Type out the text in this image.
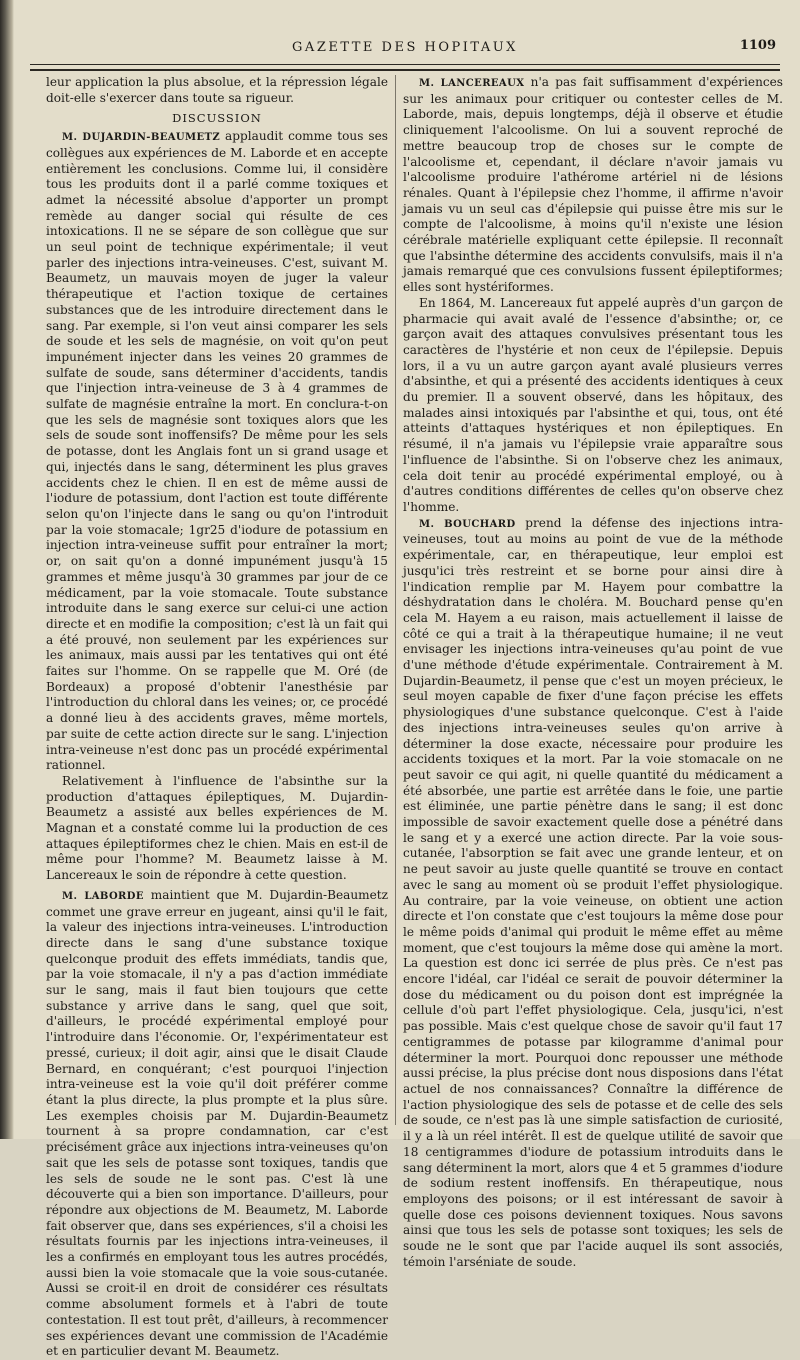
GAZETTE DES HOPITAUX	1109

leur application la plus absolue, et la répression légale doit-elle s'exercer dans toute sa rigueur.

DISCUSSION

M. DUJARDIN-BEAUMETZ applaudit comme tous ses collègues aux expériences de M. Laborde et en accepte entièrement les conclusions. Comme lui, il considère tous les produits dont il a parlé comme toxiques et admet la nécessité absolue d'apporter un prompt remède au danger social qui résulte de ces intoxications. Il ne se sépare de son collègue que sur un seul point de technique expérimentale; il veut parler des injections intra-veineuses. C'est, suivant M. Beaumetz, un mauvais moyen de juger la valeur thérapeutique et l'action toxique de certaines substances que de les introduire directement dans le sang. Par exemple, si l'on veut ainsi comparer les sels de soude et les sels de magnésie, on voit qu'on peut impunément injecter dans les veines 20 grammes de sulfate de soude, sans déterminer d'accidents, tandis que l'injection intra-veineuse de 3 à 4 grammes de sulfate de magnésie entraîne la mort. En conclura-t-on que les sels de magnésie sont toxiques alors que les sels de soude sont inoffensifs? De même pour les sels de potasse, dont les Anglais font un si grand usage et qui, injectés dans le sang, déterminent les plus graves accidents chez le chien. Il en est de même aussi de l'iodure de potassium, dont l'action est toute différente selon qu'on l'injecte dans le sang ou qu'on l'introduit par la voie stomacale; 1gr25 d'iodure de potassium en injection intra-veineuse suffit pour entraîner la mort; or, on sait qu'on a donné impunément jusqu'à 15 grammes et même jusqu'à 30 grammes par jour de ce médicament, par la voie stomacale. Toute substance introduite dans le sang exerce sur celui-ci une action directe et en modifie la composition; c'est là un fait qui a été prouvé, non seulement par les expériences sur les animaux, mais aussi par les tentatives qui ont été faites sur l'homme. On se rappelle que M. Oré (de Bordeaux) a proposé d'obtenir l'anesthésie par l'introduction du chloral dans les veines; or, ce procédé a donné lieu à des accidents graves, même mortels, par suite de cette action directe sur le sang. L'injection intra-veineuse n'est donc pas un procédé expérimental rationnel.

Relativement à l'influence de l'absinthe sur la production d'attaques épileptiques, M. Dujardin-Beaumetz a assisté aux belles expériences de M. Magnan et a constaté comme lui la production de ces attaques épileptiformes chez le chien. Mais en est-il de même pour l'homme? M. Beaumetz laisse à M. Lancereaux le soin de répondre à cette question.

M. LABORDE maintient que M. Dujardin-Beaumetz commet une grave erreur en jugeant, ainsi qu'il le fait, la valeur des injections intra-veineuses. L'introduction directe dans le sang d'une substance toxique quelconque produit des effets immédiats, tandis que, par la voie stomacale, il n'y a pas d'action immédiate sur le sang, mais il faut bien toujours que cette substance y arrive dans le sang, quel que soit, d'ailleurs, le procédé expérimental employé pour l'introduire dans l'économie. Or, l'expérimentateur est pressé, curieux; il doit agir, ainsi que le disait Claude Bernard, en conquérant; c'est pourquoi l'injection intra-veineuse est la voie qu'il doit préférer comme étant la plus directe, la plus prompte et la plus sûre. Les exemples choisis par M. Dujardin-Beaumetz tournent à sa propre condamnation, car c'est précisément grâce aux injections intra-veineuses qu'on sait que les sels de potasse sont toxiques, tandis que les sels de soude ne le sont pas. C'est là une découverte qui a bien son importance. D'ailleurs, pour répondre aux objections de M. Beaumetz, M. Laborde fait observer que, dans ses expériences, s'il a choisi les résultats fournis par les injections intra-veineuses, il les a confirmés en employant tous les autres procédés, aussi bien la voie stomacale que la voie sous-cutanée. Aussi se croit-il en droit de considérer ces résultats comme absolument formels et à l'abri de toute contestation. Il est tout prêt, d'ailleurs, à recommencer ses expériences devant une commission de l'Académie et en particulier devant M. Beaumetz.

M. LANCEREAUX n'a pas fait suffisamment d'expériences sur les animaux pour critiquer ou contester celles de M. Laborde, mais, depuis longtemps, déjà il observe et étudie cliniquement l'alcoolisme. On lui a souvent reproché de mettre beaucoup trop de choses sur le compte de l'alcoolisme et, cependant, il déclare n'avoir jamais vu l'alcoolisme produire l'athérome artériel ni de lésions rénales. Quant à l'épilepsie chez l'homme, il affirme n'avoir jamais vu un seul cas d'épilepsie qui puisse être mis sur le compte de l'alcoolisme, à moins qu'il n'existe une lésion cérébrale matérielle expliquant cette épilepsie. Il reconnaît que l'absinthe détermine des accidents convulsifs, mais il n'a jamais remarqué que ces convulsions fussent épileptiformes; elles sont hystériformes.

En 1864, M. Lancereaux fut appelé auprès d'un garçon de pharmacie qui avait avalé de l'essence d'absinthe; or, ce garçon avait des attaques convulsives présentant tous les caractères de l'hystérie et non ceux de l'épilepsie. Depuis lors, il a vu un autre garçon ayant avalé plusieurs verres d'absinthe, et qui a présenté des accidents identiques à ceux du premier. Il a souvent observé, dans les hôpitaux, des malades ainsi intoxiqués par l'absinthe et qui, tous, ont été atteints d'attaques hystériques et non épileptiques. En résumé, il n'a jamais vu l'épilepsie vraie apparaître sous l'influence de l'absinthe. Si on l'observe chez les animaux, cela doit tenir au procédé expérimental employé, ou à d'autres conditions différentes de celles qu'on observe chez l'homme.

M. BOUCHARD prend la défense des injections intra-veineuses, tout au moins au point de vue de la méthode expérimentale, car, en thérapeutique, leur emploi est jusqu'ici très restreint et se borne pour ainsi dire à l'indication remplie par M. Hayem pour combattre la déshydratation dans le choléra. M. Bouchard pense qu'en cela M. Hayem a eu raison, mais actuellement il laisse de côté ce qui a trait à la thérapeutique humaine; il ne veut envisager les injections intra-veineuses qu'au point de vue d'une méthode d'étude expérimentale. Contrairement à M. Dujardin-Beaumetz, il pense que c'est un moyen précieux, le seul moyen capable de fixer d'une façon précise les effets physiologiques d'une substance quelconque. C'est à l'aide des injections intra-veineuses seules qu'on arrive à déterminer la dose exacte, nécessaire pour produire les accidents toxiques et la mort. Par la voie stomacale on ne peut savoir ce qui agit, ni quelle quantité du médicament a été absorbée, une partie est arrêtée dans le foie, une partie est éliminée, une partie pénètre dans le sang; il est donc impossible de savoir exactement quelle dose a pénétré dans le sang et y a exercé une action directe. Par la voie sous-cutanée, l'absorption se fait avec une grande lenteur, et on ne peut savoir au juste quelle quantité se trouve en contact avec le sang au moment où se produit l'effet physiologique. Au contraire, par la voie veineuse, on obtient une action directe et l'on constate que c'est toujours la même dose pour le même poids d'animal qui produit le même effet au même moment, que c'est toujours la même dose qui amène la mort. La question est donc ici serrée de plus près. Ce n'est pas encore l'idéal, car l'idéal ce serait de pouvoir déterminer la dose du médicament ou du poison dont est imprégnée la cellule d'où part l'effet physiologique. Cela, jusqu'ici, n'est pas possible. Mais c'est quelque chose de savoir qu'il faut 17 centigrammes de potasse par kilogramme d'animal pour déterminer la mort. Pourquoi donc repousser une méthode aussi précise, la plus précise dont nous disposions dans l'état actuel de nos connaissances? Connaître la différence de l'action physiologique des sels de potasse et de celle des sels de soude, ce n'est pas là une simple satisfaction de curiosité, il y a là un réel intérêt. Il est de quelque utilité de savoir que 18 centigrammes d'iodure de potassium introduits dans le sang déterminent la mort, alors que 4 et 5 grammes d'iodure de sodium restent inoffensifs. En thérapeutique, nous employons des poisons; or il est intéressant de savoir à quelle dose ces poisons deviennent toxiques. Nous savons ainsi que tous les sels de potasse sont toxiques; les sels de soude ne le sont que par l'acide auquel ils sont associés, témoin l'arséniate de soude.
